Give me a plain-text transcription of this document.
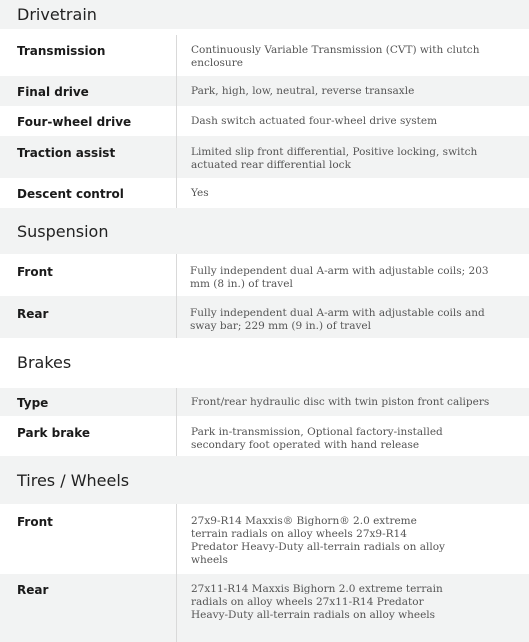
Drivetrain
Transmission	Continuously Variable Transmission (CVT) with clutch enclosure
Final drive	Park, high, low, neutral, reverse transaxle
Four-wheel drive	Dash switch actuated four-wheel drive system
Traction assist	Limited slip front differential, Positive locking, switch actuated rear differential lock
Descent control	Yes
Suspension
Front	Fully independent dual A-arm with adjustable coils; 203 mm (8 in.) of travel
Rear	Fully independent dual A-arm with adjustable coils and sway bar; 229 mm (9 in.) of travel
Brakes
Type	Front/rear hydraulic disc with twin piston front calipers
Park brake	Park in-transmission, Optional factory-installed secondary foot operated with hand release
Tires / Wheels
Front	27x9-R14 Maxxis® Bighorn® 2.0 extreme terrain radials on alloy wheels 27x9-R14 Predator Heavy-Duty all-terrain radials on alloy wheels
Rear	27x11-R14 Maxxis Bighorn 2.0 extreme terrain radials on alloy wheels 27x11-R14 Predator Heavy-Duty all-terrain radials on alloy wheels
